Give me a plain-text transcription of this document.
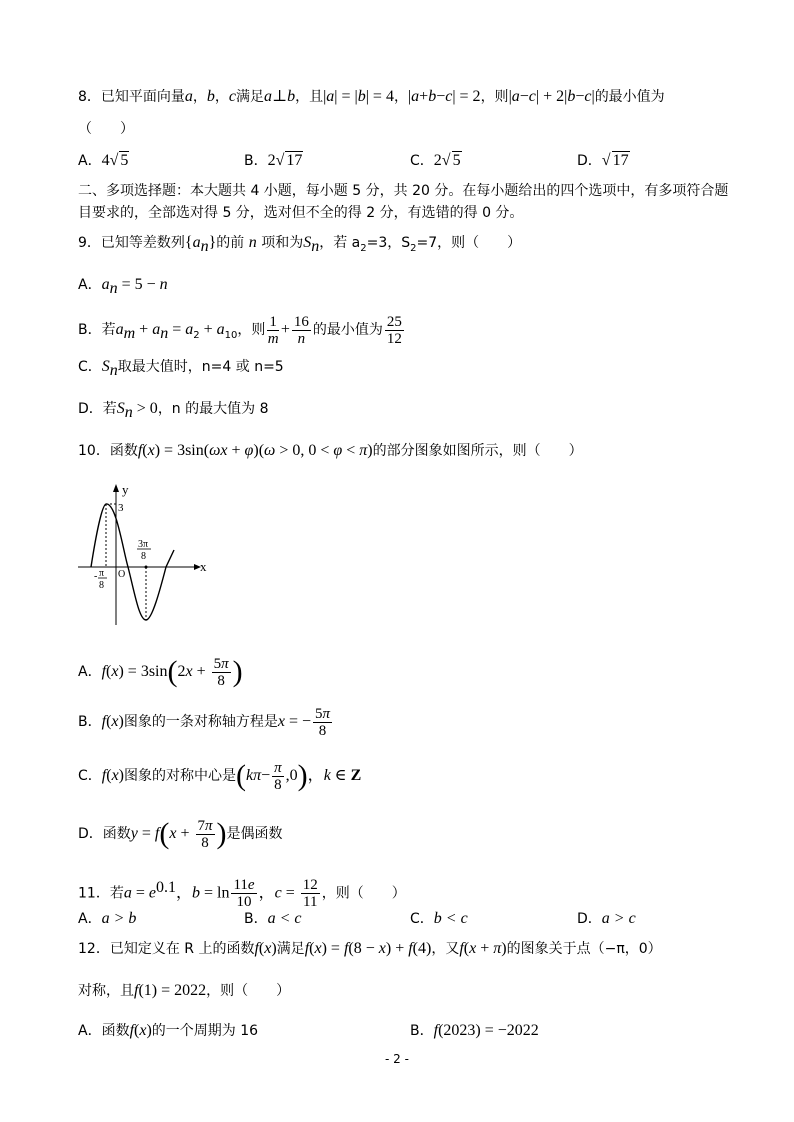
8．已知平面向量a，b，c满足a⊥b，且|a| = |b| = 4，|a+b−c| = 2，则|a−c| + 2|b−c|的最小值为
（　　）
A．4√ 5	B．2√ 17	C．2√ 5	D．√ 17
二、多项选择题：本大题共 4 小题，每小题 5 分，共 20 分。在每小题给出的四个选项中，有多项符合题
目要求的，全部选对得 5 分，选对但不全的得 2 分，有选错的得 0 分。
9．已知等差数列$\{a_n\}$的前 n 项和为$S_n$，若 $a_2=3$，$S_2=7$，则（　　）
A．$a_n = 5 - n$
B．若$a_m + a_n = a_2 + a_{10}$，则 $\frac{1}{m} + \frac{16}{n}$ 的最小值为 $\frac{25}{12}$
C．$S_n$取最大值时，n=4 或 n=5
D．若$S_n > 0$，n 的最大值为 8
10．函数f(x) = 3sin(ωx + φ)(ω > 0, 0 < φ < π)的部分图象如图所示，则（　　）
y
x
3
O
- π
8
3π
8
A．$f(x) = 3\sin(2x + \frac{5\pi}{8}$ )
B．f(x)图象的一条对称轴方程是x = − $\frac{5\pi}{8}$
C．f(x)图象的对称中心是$(k\pi- \frac{\pi}{8} ,0)$，k ∈ Z
D．函数$y = f(x + \frac{7\pi}{8}$ )是偶函数
11．若$a = e^{0.1}$，$b = \ln \frac{11e}{10}$ ，$c = \frac{12}{11}$ ，则（　　）
A．a > b	B．a < c	C．b < c	D．a > c
12．已知定义在 R 上的函数f(x)满足f(x) = f(8 − x) + f(4)，又f(x + π)的图象关于点（−π，0）
对称，且f(1) = 2022，则（　　）
A．函数f(x)的一个周期为 16	B．f(2023) = −2022
- 2 -
